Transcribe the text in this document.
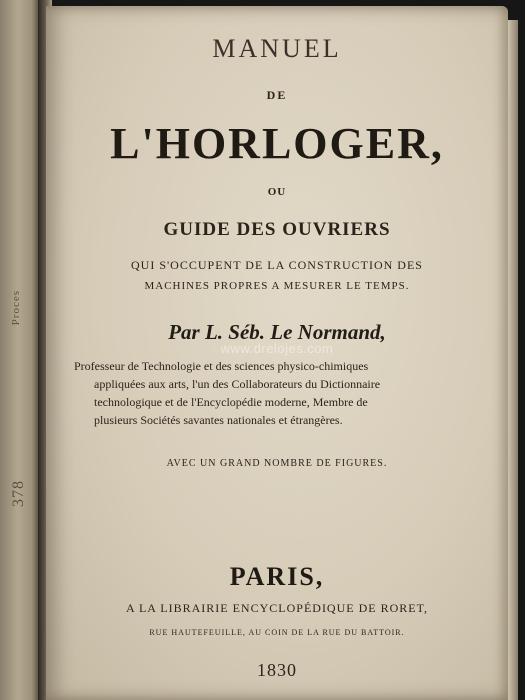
Proces
378
MANUEL
DE
L'HORLOGER,
OU
GUIDE DES OUVRIERS
QUI S'OCCUPENT DE LA CONSTRUCTION DES
MACHINES PROPRES A MESURER LE TEMPS.
Par L. Séb. Le Normand,
www.drelojes.com
Professeur de Technologie et des sciences physico-chimiques
appliquées aux arts, l'un des Collaborateurs du Dictionnaire
technologique et de l'Encyclopédie moderne, Membre de
plusieurs Sociétés savantes nationales et étrangères.
AVEC UN GRAND NOMBRE DE FIGURES.
PARIS,
A LA LIBRAIRIE ENCYCLOPÉDIQUE DE RORET,
RUE HAUTEFEUILLE, AU COIN DE LA RUE DU BATTOIR.
1830
